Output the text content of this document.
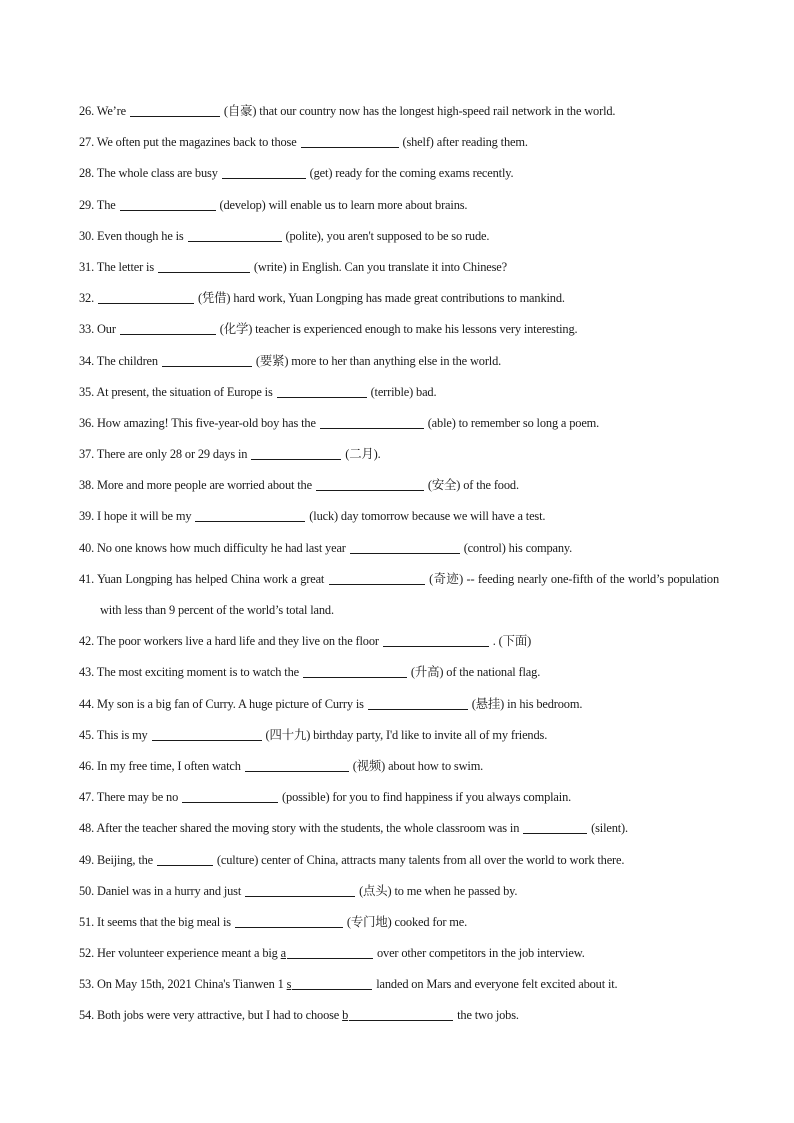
26. We’re	(自豪) that our country now has the longest high-speed rail network in the world.
27. We often put the magazines back to those	(shelf) after reading them.
28. The whole class are busy	(get) ready for the coming exams recently.
29. The	(develop) will enable us to learn more about brains.
30. Even though he is	(polite), you aren't supposed to be so rude.
31. The letter is	(write) in English. Can you translate it into Chinese?
32.	(凭借) hard work, Yuan Longping has made great contributions to mankind.
33. Our	(化学) teacher is experienced enough to make his lessons very interesting.
34. The children	(要紧) more to her than anything else in the world.
35. At present, the situation of Europe is	(terrible) bad.
36. How amazing! This five-year-old boy has the	(able) to remember so long a poem.
37. There are only 28 or 29 days in	(二月).
38. More and more people are worried about the	(安全) of the food.
39. I hope it will be my	(luck) day tomorrow because we will have a test.
40. No one knows how much difficulty he had last year	(control) his company.
41. Yuan Longping has helped China work a great	(奇迹) -- feeding nearly one-fifth of the world’s population with less than 9 percent of the world’s total land.
42. The poor workers live a hard life and they live on the floor	. (下面)
43. The most exciting moment is to watch the	(升高) of the national flag.
44. My son is a big fan of Curry. A huge picture of Curry is	(悬挂) in his bedroom.
45. This is my	(四十九) birthday party, I'd like to invite all of my friends.
46. In my free time, I often watch	(视频) about how to swim.
47. There may be no	(possible) for you to find happiness if you always complain.
48. After the teacher shared the moving story with the students, the whole classroom was in	(silent).
49. Beijing, the	(culture) center of China, attracts many talents from all over the world to work there.
50. Daniel was in a hurry and just	(点头) to me when he passed by.
51. It seems that the big meal is	(专门地) cooked for me.
52. Her volunteer experience meant a big a	over other competitors in the job interview.
53. On May 15th, 2021 China's Tianwen 1 s	landed on Mars and everyone felt excited about it.
54. Both jobs were very attractive, but I had to choose b	the two jobs.
